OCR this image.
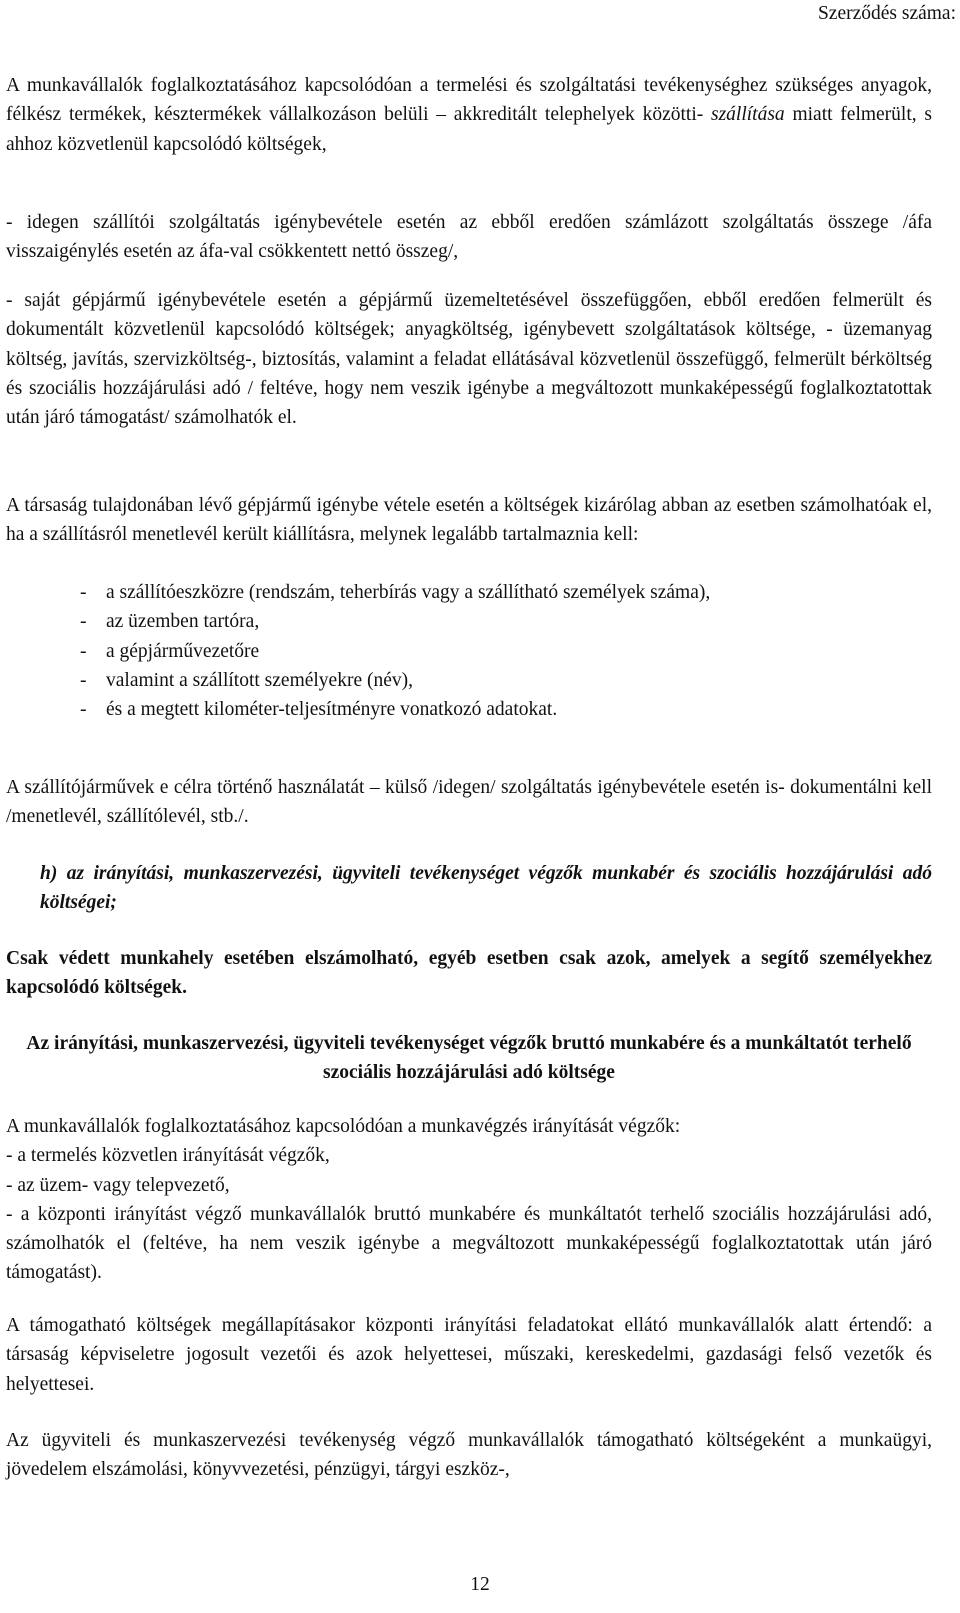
Szerződés száma:

A munkavállalók foglalkoztatásához kapcsolódóan a termelési és szolgáltatási tevékenységhez szükséges anyagok, félkész termékek, késztermékek vállalkozáson belüli – akkreditált telephelyek közötti- szállítása miatt felmerült, s ahhoz közvetlenül kapcsolódó költségek,

- idegen szállítói szolgáltatás igénybevétele esetén az ebből eredően számlázott szolgáltatás összege /áfa visszaigénylés esetén az áfa-val csökkentett nettó összeg/,

- saját gépjármű igénybevétele esetén a gépjármű üzemeltetésével összefüggően, ebből eredően felmerült és dokumentált közvetlenül kapcsolódó költségek; anyagköltség, igénybevett szolgáltatások költsége, - üzemanyag költség, javítás, szervizköltség-, biztosítás, valamint a feladat ellátásával közvetlenül összefüggő, felmerült bérköltség és szociális hozzájárulási adó / feltéve, hogy nem veszik igénybe a megváltozott munkaképességű foglalkoztatottak után járó támogatást/ számolhatók el.

A társaság tulajdonában lévő gépjármű igénybe vétele esetén a költségek kizárólag abban az esetben számolhatóak el, ha a szállításról menetlevél került kiállításra, melynek legalább tartalmaznia kell:

-	a szállítóeszközre (rendszám, teherbírás vagy a szállítható személyek száma),
-	az üzemben tartóra,
-	a gépjárművezetőre
-	valamint a szállított személyekre (név),
-	és a megtett kilométer-teljesítményre vonatkozó adatokat.

A szállítójárművek e célra történő használatát – külső /idegen/ szolgáltatás igénybevétele esetén is- dokumentálni kell /menetlevél, szállítólevél, stb./.

h) az irányítási, munkaszervezési, ügyviteli tevékenységet végzők munkabér és szociális hozzájárulási adó költségei;

Csak védett munkahely esetében elszámolható, egyéb esetben csak azok, amelyek a segítő személyekhez kapcsolódó költségek.

Az irányítási, munkaszervezési, ügyviteli tevékenységet végzők bruttó munkabére és a munkáltatót terhelő szociális hozzájárulási adó költsége

A munkavállalók foglalkoztatásához kapcsolódóan a munkavégzés irányítását végzők:

- a termelés közvetlen irányítását végzők,

- az üzem- vagy telepvezető,

- a központi irányítást végző munkavállalók bruttó munkabére és munkáltatót terhelő szociális hozzájárulási adó, számolhatók el (feltéve, ha nem veszik igénybe a megváltozott munkaképességű foglalkoztatottak után járó támogatást).

A támogatható költségek megállapításakor központi irányítási feladatokat ellátó munkavállalók alatt értendő: a társaság képviseletre jogosult vezetői és azok helyettesei, műszaki, kereskedelmi, gazdasági felső vezetők és helyettesei.

Az ügyviteli és munkaszervezési tevékenység végző munkavállalók támogatható költségeként a munkaügyi, jövedelem elszámolási, könyvvezetési, pénzügyi, tárgyi eszköz-,

12
